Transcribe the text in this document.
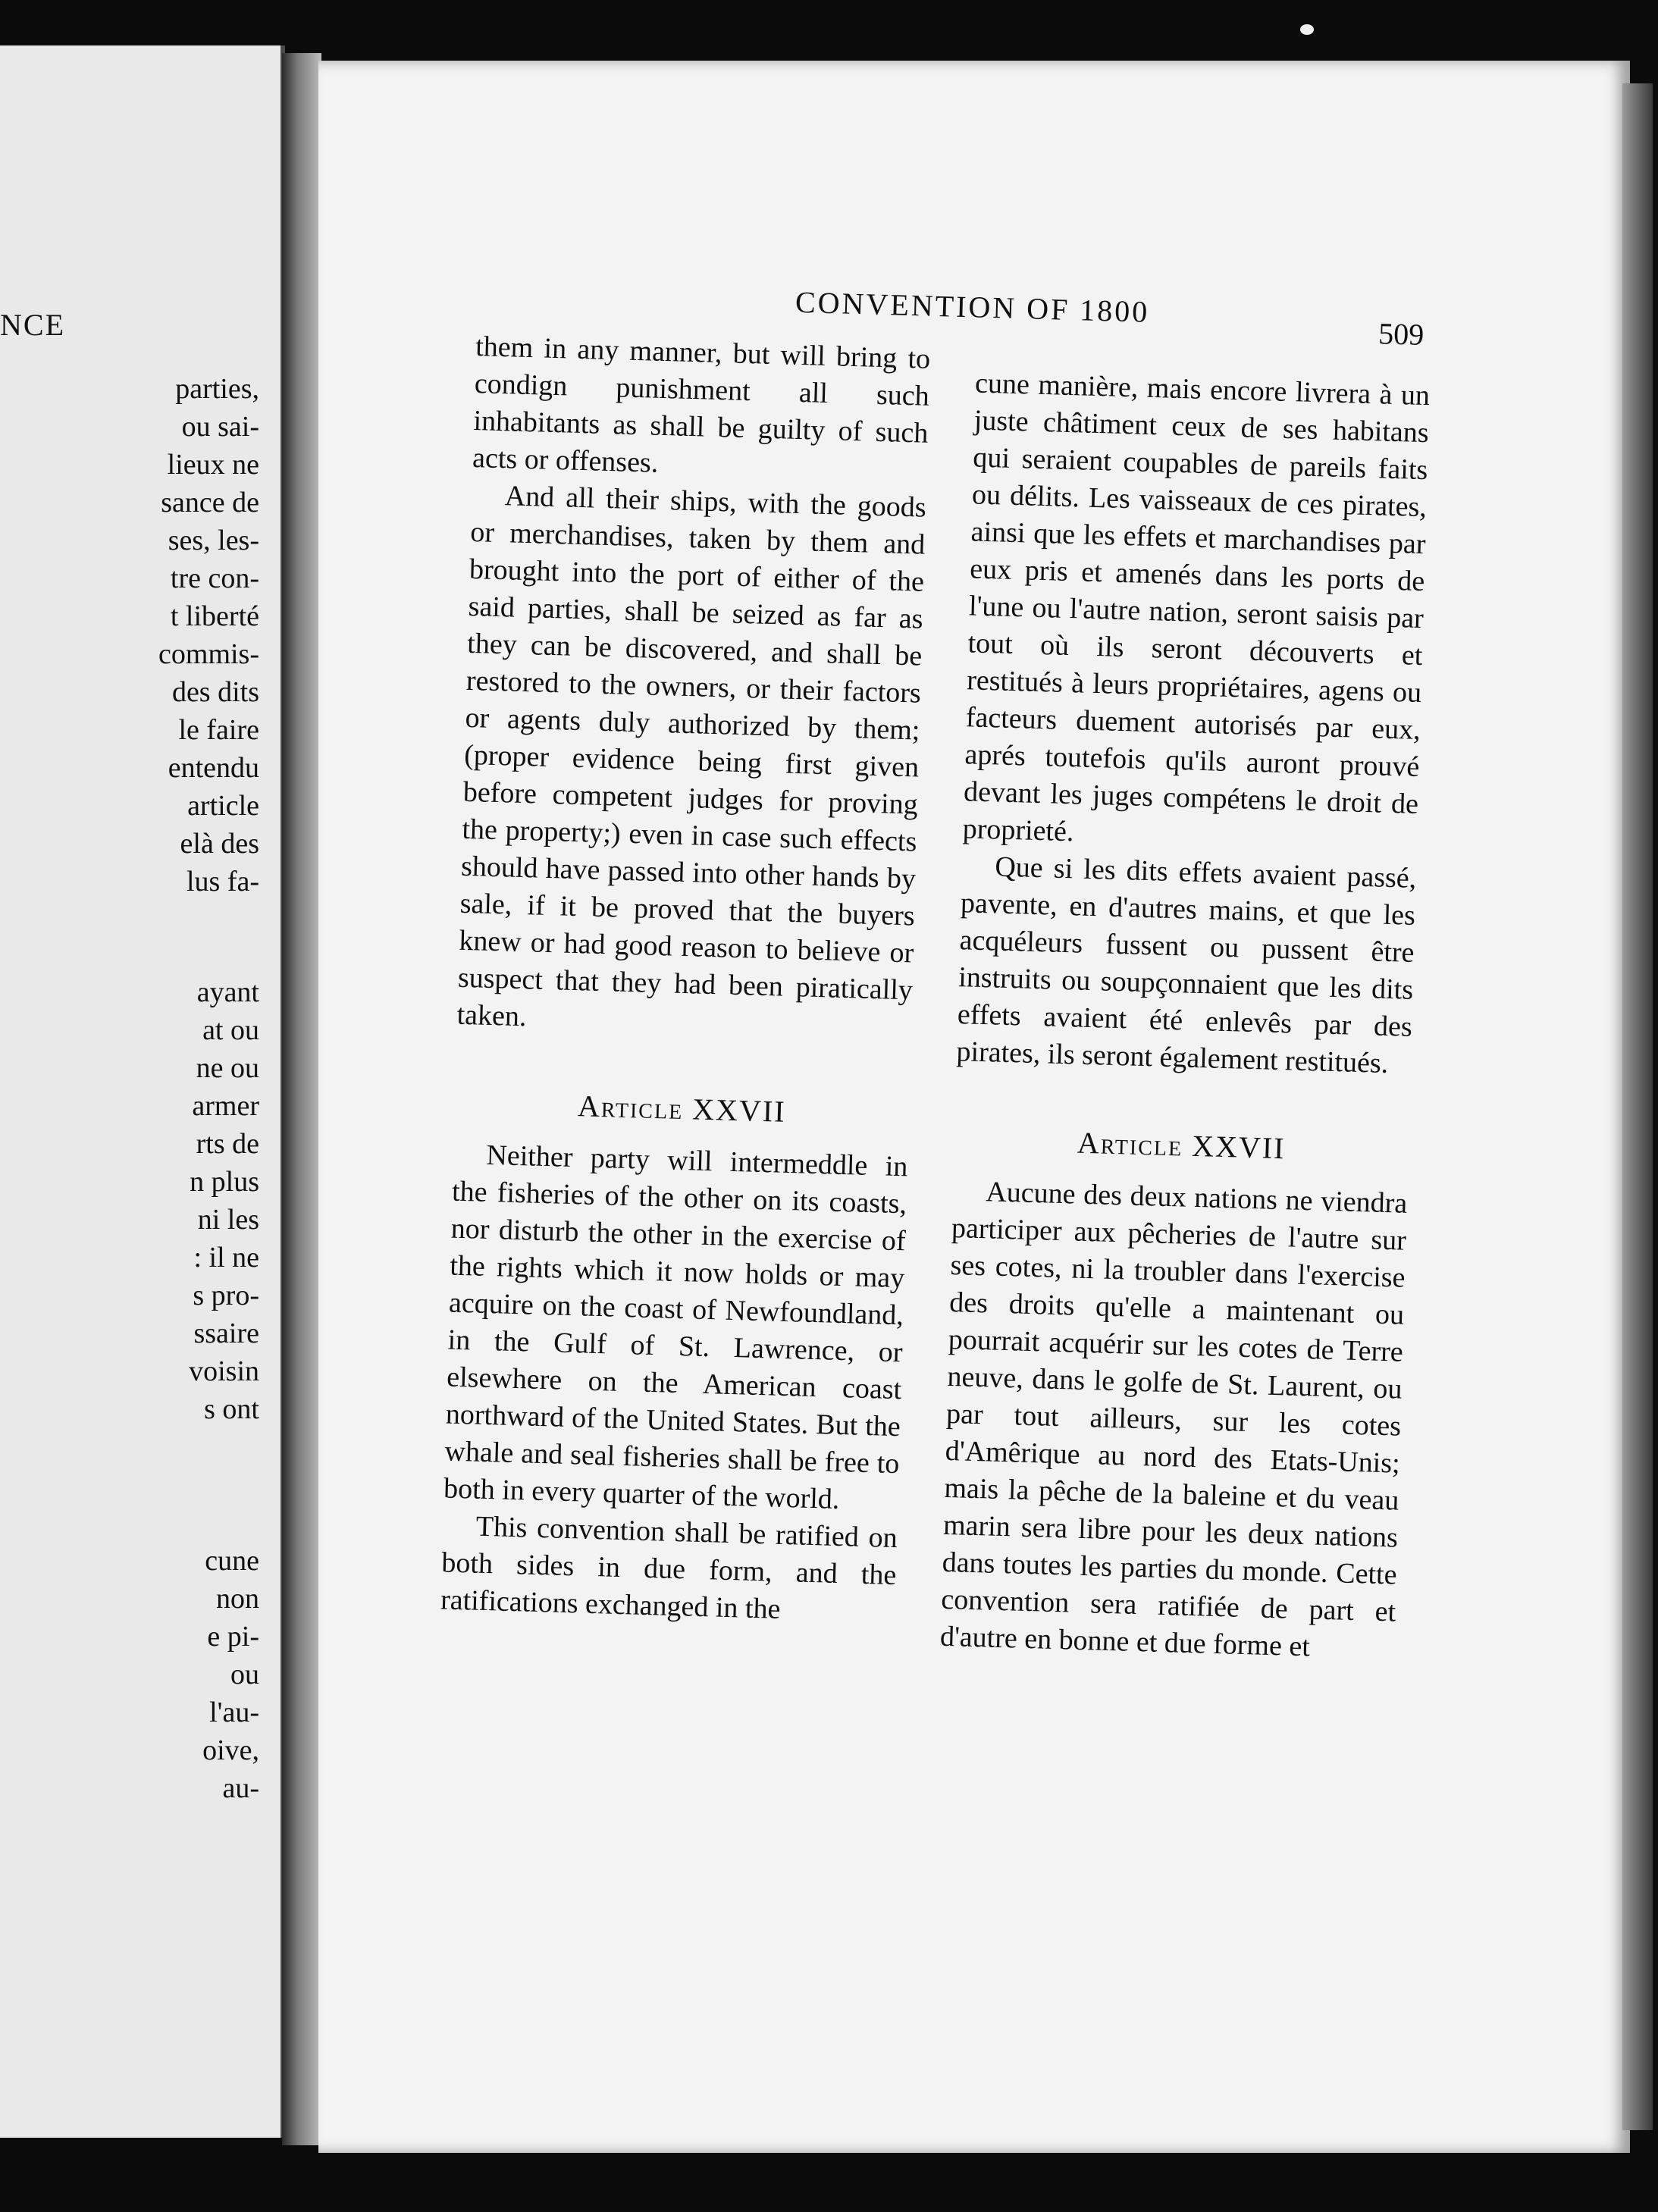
NCE
parties,
ou sai-
lieux ne
sance de
ses, les-
tre con-
t liberté
commis-
des dits
le faire
entendu
article
elà des
lus fa-
ayant
at ou
ne ou
armer
rts de
n plus
ni les
: il ne
s pro-
ssaire
voisin
s ont
cune
non
e pi-
ou
l'au-
oive,
au-
CONVENTION OF 1800
509

them in any manner, but will bring to condign punishment all such inhabitants as shall be guilty of such acts or offenses.

And all their ships, with the goods or merchandises, taken by them and brought into the port of either of the said parties, shall be seized as far as they can be discovered, and shall be restored to the owners, or their factors or agents duly authorized by them; (proper evidence being first given before competent judges for proving the property;) even in case such effects should have passed into other hands by sale, if it be proved that the buyers knew or had good reason to believe or suspect that they had been piratically taken.

Article XXVII

Neither party will intermeddle in the fisheries of the other on its coasts, nor disturb the other in the exercise of the rights which it now holds or may acquire on the coast of Newfoundland, in the Gulf of St. Lawrence, or elsewhere on the American coast northward of the United States. But the whale and seal fisheries shall be free to both in every quarter of the world.

This convention shall be ratified on both sides in due form, and the ratifications exchanged in the

cune manière, mais encore livrera à un juste châtiment ceux de ses habitans qui seraient coupables de pareils faits ou délits. Les vaisseaux de ces pirates, ainsi que les effets et marchandises par eux pris et amenés dans les ports de l'une ou l'autre nation, seront saisis par tout où ils seront découverts et restitués à leurs propriétaires, agens ou facteurs duement autorisés par eux, aprés toutefois qu'ils auront prouvé devant les juges compétens le droit de proprieté.

Que si les dits effets avaient passé, pavente, en d'autres mains, et que les acquéleurs fussent ou pussent être instruits ou soupçonnaient que les dits effets avaient été enlevês par des pirates, ils seront également restitués.

Article XXVII

Aucune des deux nations ne viendra participer aux pêcheries de l'autre sur ses cotes, ni la troubler dans l'exercise des droits qu'elle a maintenant ou pourrait acquérir sur les cotes de Terre neuve, dans le golfe de St. Laurent, ou par tout ailleurs, sur les cotes d'Amêrique au nord des Etats-Unis; mais la pêche de la baleine et du veau marin sera libre pour les deux nations dans toutes les parties du monde. Cette convention sera ratifiée de part et d'autre en bonne et due forme et
